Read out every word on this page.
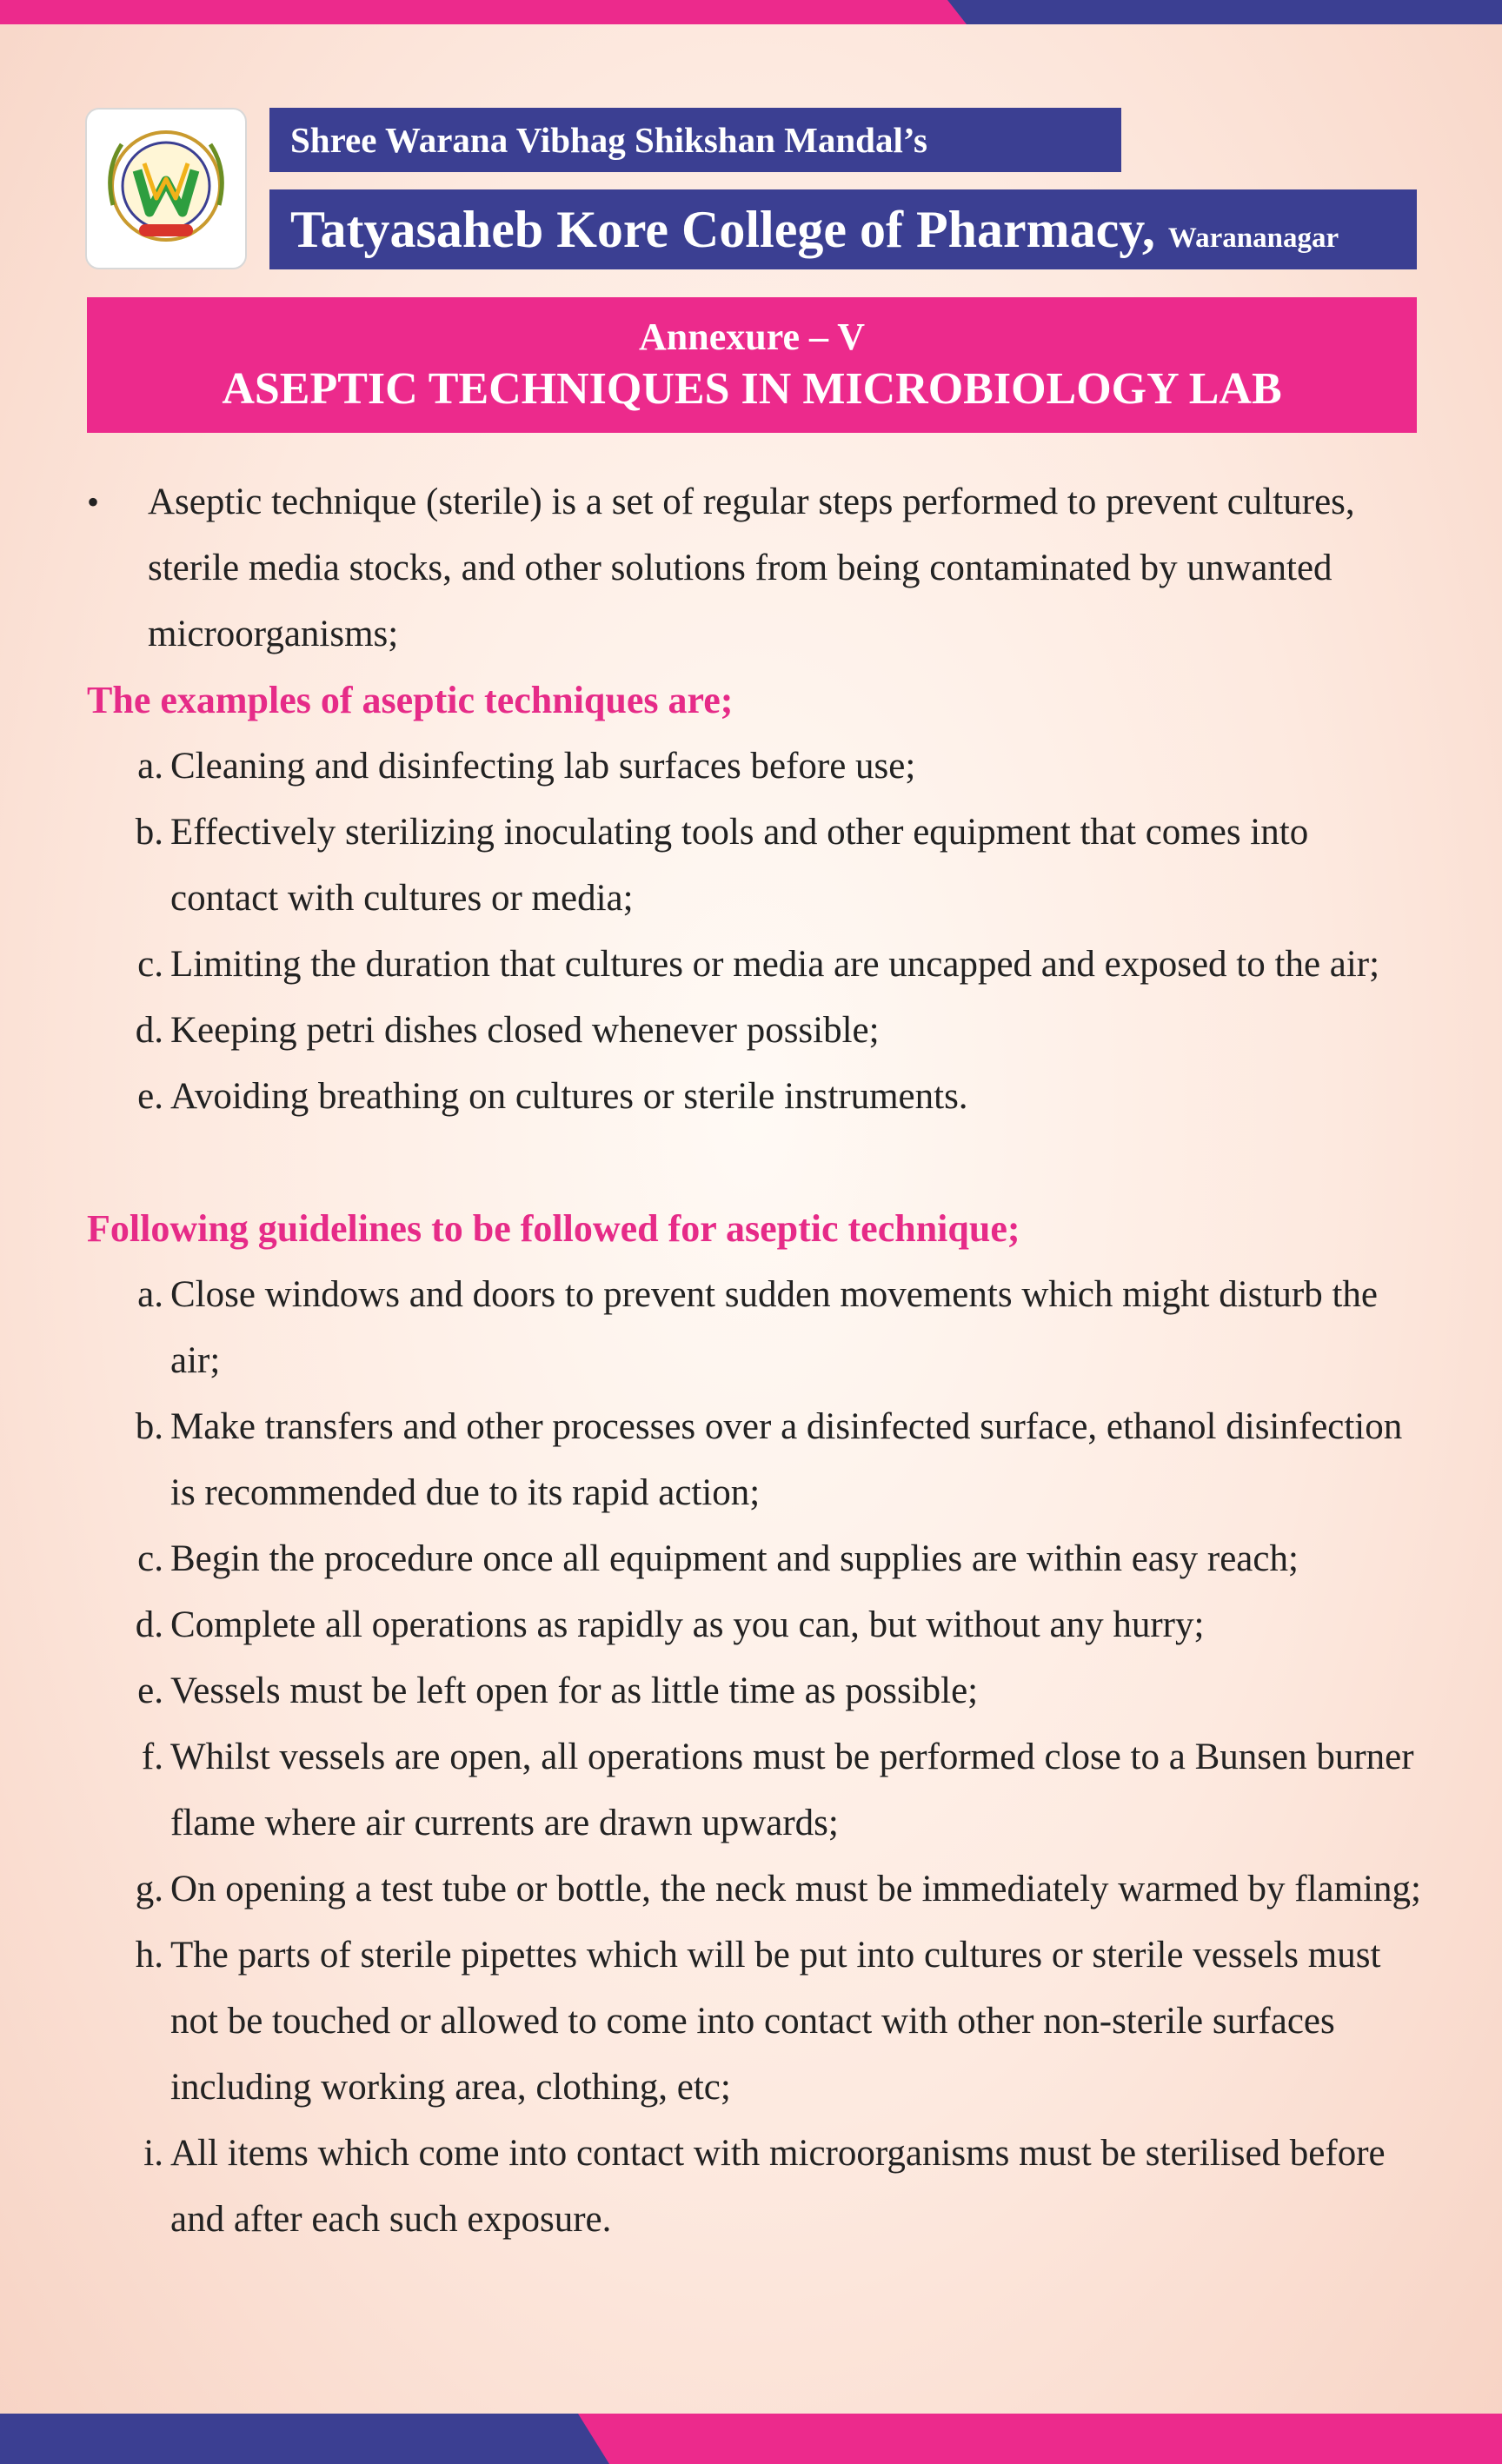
Shree Warana Vibhag Shikshan Mandal’s
Tatyasaheb Kore College of Pharmacy, Warananagar
Annexure – V
ASEPTIC TECHNIQUES IN MICROBIOLOGY LAB
• Aseptic technique (sterile) is a set of regular steps performed to prevent cultures, sterile media stocks, and other solutions from being contaminated by unwanted microorganisms;
The examples of aseptic techniques are;
a. Cleaning and disinfecting lab surfaces before use;
b. Effectively sterilizing inoculating tools and other equipment that comes into contact with cultures or media;
c. Limiting the duration that cultures or media are uncapped and exposed to the air;
d. Keeping petri dishes closed whenever possible;
e. Avoiding breathing on cultures or sterile instruments.
Following guidelines to be followed for aseptic technique;
a. Close windows and doors to prevent sudden movements which might disturb the air;
b. Make transfers and other processes over a disinfected surface, ethanol disinfection is recommended due to its rapid action;
c. Begin the procedure once all equipment and supplies are within easy reach;
d. Complete all operations as rapidly as you can, but without any hurry;
e. Vessels must be left open for as little time as possible;
f. Whilst vessels are open, all operations must be performed close to a Bunsen burner flame where air currents are drawn upwards;
g. On opening a test tube or bottle, the neck must be immediately warmed by flaming;
h. The parts of sterile pipettes which will be put into cultures or sterile vessels must not be touched or allowed to come into contact with other non-sterile surfaces including working area, clothing, etc;
i. All items which come into contact with microorganisms must be sterilised before and after each such exposure.
